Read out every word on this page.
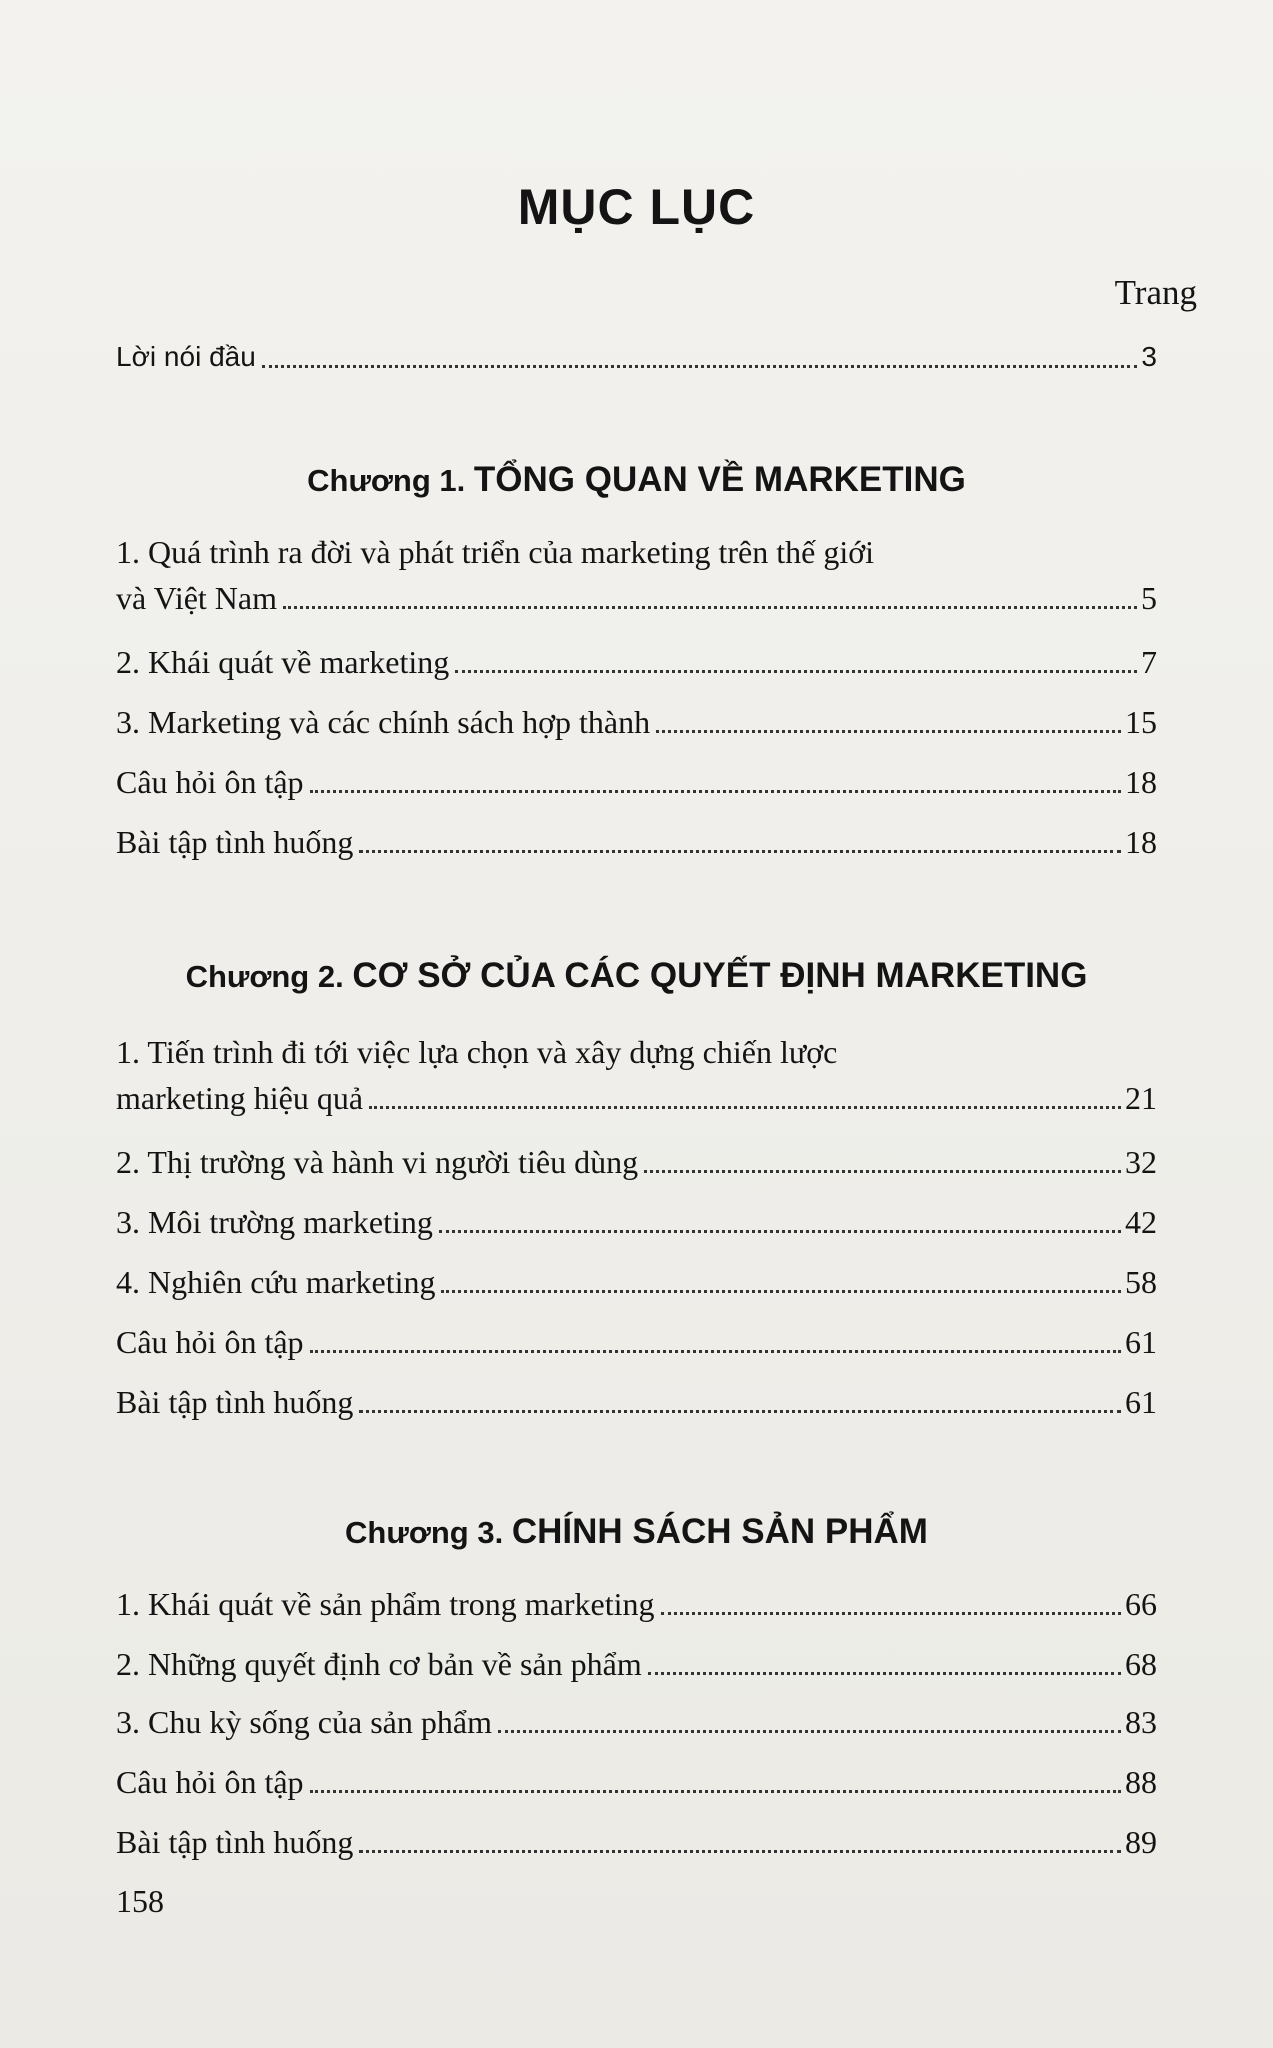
MỤC LỤC
Trang
Lời nói đầu	3
Chương 1. TỔNG QUAN VỀ MARKETING
1. Quá trình ra đời và phát triển của marketing trên thế giới
và Việt Nam	5
2. Khái quát về marketing	7
3. Marketing và các chính sách hợp thành	15
Câu hỏi ôn tập	18
Bài tập tình huống	18
Chương 2. CƠ SỞ CỦA CÁC QUYẾT ĐỊNH MARKETING
1. Tiến trình đi tới việc lựa chọn và xây dựng chiến lược
marketing hiệu quả	21
2. Thị trường và hành vi người tiêu dùng	32
3. Môi trường marketing	42
4. Nghiên cứu marketing	58
Câu hỏi ôn tập	61
Bài tập tình huống	61
Chương 3. CHÍNH SÁCH SẢN PHẨM
1. Khái quát về sản phẩm trong marketing	66
2. Những quyết định cơ bản về sản phẩm	68
3. Chu kỳ sống của sản phẩm	83
Câu hỏi ôn tập	88
Bài tập tình huống	89
158
